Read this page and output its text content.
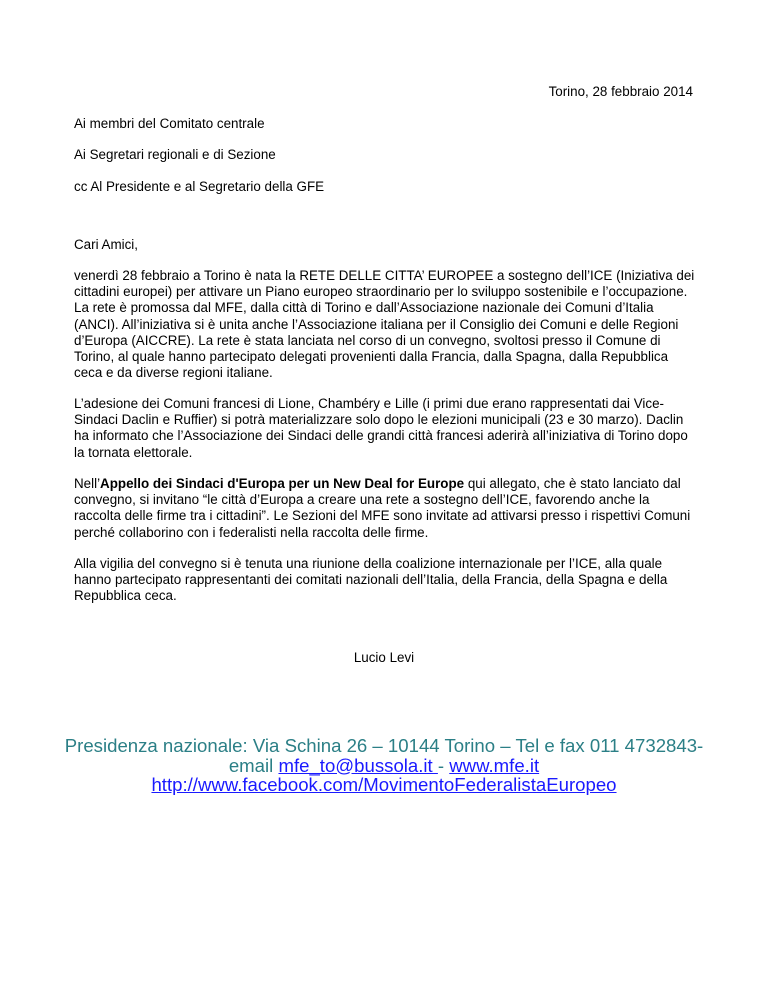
Torino, 28 febbraio 2014
Ai membri del Comitato centrale
Ai Segretari regionali e di Sezione
cc Al Presidente e al Segretario della GFE
Cari Amici,

venerdì 28 febbraio a Torino è nata la RETE DELLE CITTA’ EUROPEE a sostegno dell’ICE (Iniziativa dei cittadini europei) per attivare un Piano europeo straordinario per lo sviluppo sostenibile e l’occupazione. La rete è promossa dal MFE, dalla città di Torino e dall’Associazione nazionale dei Comuni d’Italia (ANCI). All’iniziativa si è unita anche l’Associazione italiana per il Consiglio dei Comuni e delle Regioni d’Europa (AICCRE). La rete è stata lanciata nel corso di un convegno, svoltosi presso il Comune di Torino, al quale hanno partecipato delegati provenienti dalla Francia, dalla Spagna, dalla Repubblica ceca e da diverse regioni italiane.

L’adesione dei Comuni francesi di Lione, Chambéry e Lille (i primi due erano rappresentati dai Vice-Sindaci Daclin e Ruffier) si potrà materializzare solo dopo le elezioni municipali (23 e 30 marzo). Daclin ha informato che l’Associazione dei Sindaci delle grandi città francesi aderirà all’iniziativa di Torino dopo la tornata elettorale.

Nell’Appello dei Sindaci d'Europa per un New Deal for Europe qui allegato, che è stato lanciato dal convegno, si invitano “le città d’Europa a creare una rete a sostegno dell’ICE, favorendo anche la raccolta delle firme tra i cittadini”. Le Sezioni del MFE sono invitate ad attivarsi presso i rispettivi Comuni perché collaborino con i federalisti nella raccolta delle firme.

Alla vigilia del convegno si è tenuta una riunione della coalizione internazionale per l’ICE, alla quale hanno partecipato rappresentanti dei comitati nazionali dell’Italia, della Francia, della Spagna e della Repubblica ceca.

Lucio Levi
Presidenza nazionale: Via Schina 26 – 10144 Torino – Tel e fax 011 4732843-
email mfe_to@bussola.it - www.mfe.it
http://www.facebook.com/MovimentoFederalistaEuropeo
